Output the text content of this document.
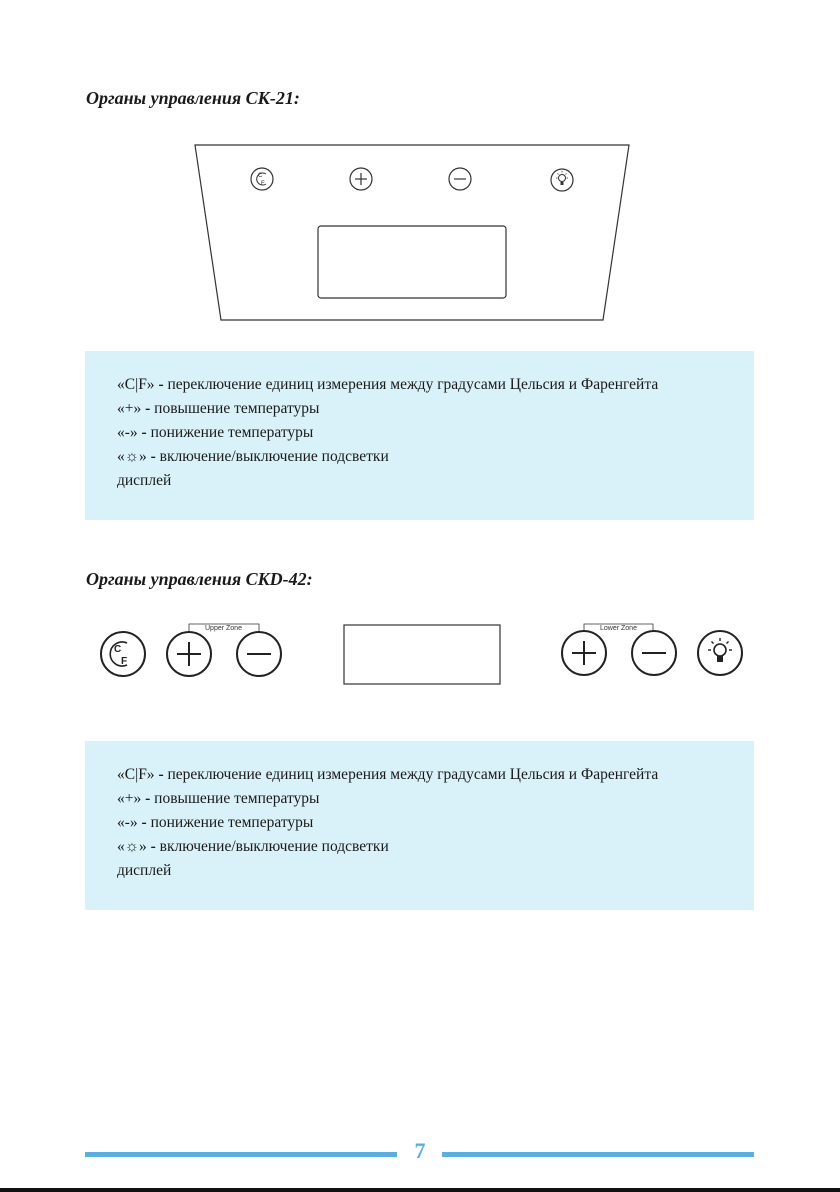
Органы управления СК-21:
C
F
«C|F» - переключение единиц измерения между градусами Цельсия и Фаренгейта
«+» - повышение температуры
«-» - понижение температуры
«☼» - включение/выключение подсветки
дисплей
Органы управления CKD-42:
C
F
Upper Zone	Lower Zone
«C|F» - переключение единиц измерения между градусами Цельсия и Фаренгейта
«+» - повышение температуры
«-» - понижение температуры
«☼» - включение/выключение подсветки
дисплей
7
